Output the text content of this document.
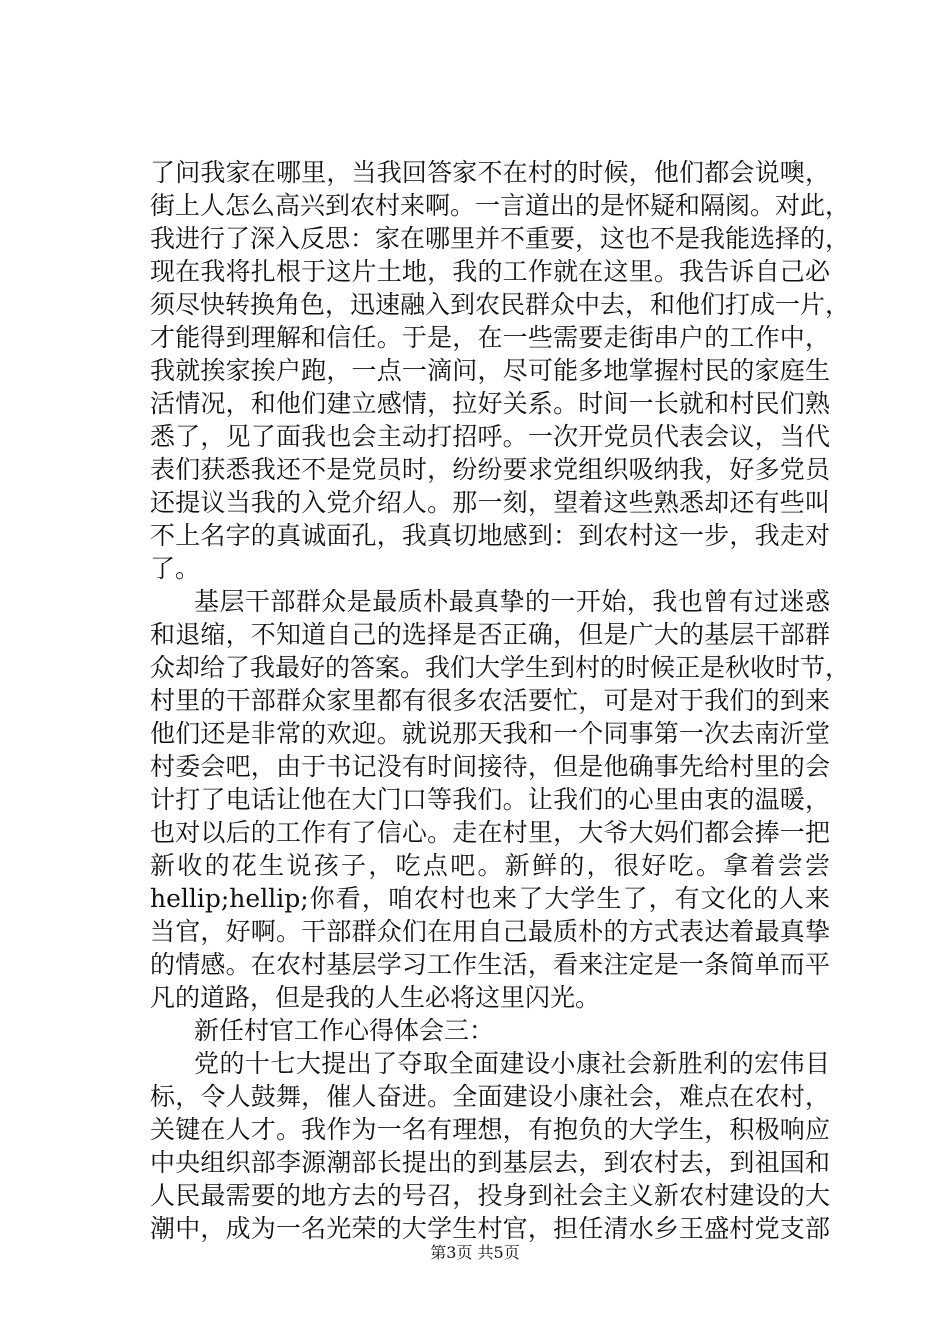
了问我家在哪里，当我回答家不在村的时候，他们都会说噢，
街上人怎么高兴到农村来啊。一言道出的是怀疑和隔阂。对此，
我进行了深入反思：家在哪里并不重要，这也不是我能选择的，
现在我将扎根于这片土地，我的工作就在这里。我告诉自己必
须尽快转换角色，迅速融入到农民群众中去，和他们打成一片，
才能得到理解和信任。于是，在一些需要走街串户的工作中，
我就挨家挨户跑，一点一滴问，尽可能多地掌握村民的家庭生
活情况，和他们建立感情，拉好关系。时间一长就和村民们熟
悉了，见了面我也会主动打招呼。一次开党员代表会议，当代
表们获悉我还不是党员时，纷纷要求党组织吸纳我，好多党员
还提议当我的入党介绍人。那一刻，望着这些熟悉却还有些叫
不上名字的真诚面孔，我真切地感到：到农村这一步，我走对
了。
基层干部群众是最质朴最真挚的一开始，我也曾有过迷惑
和退缩，不知道自己的选择是否正确，但是广大的基层干部群
众却给了我最好的答案。我们大学生到村的时候正是秋收时节，
村里的干部群众家里都有很多农活要忙，可是对于我们的到来
他们还是非常的欢迎。就说那天我和一个同事第一次去南沂堂
村委会吧，由于书记没有时间接待，但是他确事先给村里的会
计打了电话让他在大门口等我们。让我们的心里由衷的温暖，
也对以后的工作有了信心。走在村里，大爷大妈们都会捧一把
新收的花生说孩子，吃点吧。新鲜的，很好吃。拿着尝尝
hellip;hellip;你看，咱农村也来了大学生了，有文化的人来
当官，好啊。干部群众们在用自己最质朴的方式表达着最真挚
的情感。在农村基层学习工作生活，看来注定是一条简单而平
凡的道路，但是我的人生必将这里闪光。
新任村官工作心得体会三：
党的十七大提出了夺取全面建设小康社会新胜利的宏伟目
标，令人鼓舞，催人奋进。全面建设小康社会，难点在农村，
关键在人才。我作为一名有理想，有抱负的大学生，积极响应
中央组织部李源潮部长提出的到基层去，到农村去，到祖国和
人民最需要的地方去的号召，投身到社会主义新农村建设的大
潮中，成为一名光荣的大学生村官，担任清水乡王盛村党支部
第3页 共5页
